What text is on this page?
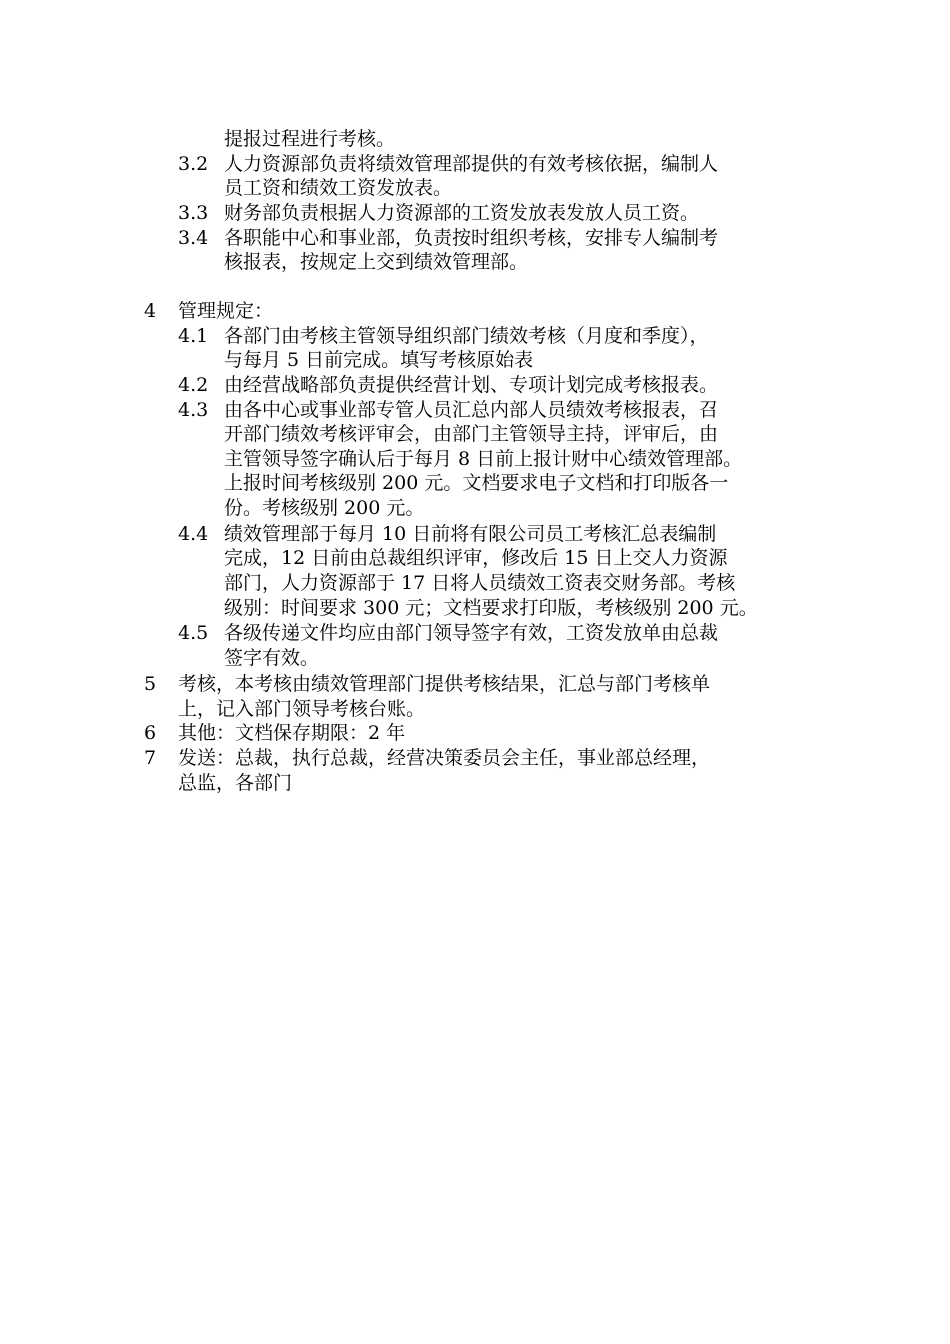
提报过程进行考核。
3.2 人力资源部负责将绩效管理部提供的有效考核依据，编制人
员工资和绩效工资发放表。
3.3 财务部负责根据人力资源部的工资发放表发放人员工资。
3.4 各职能中心和事业部，负责按时组织考核，安排专人编制考
核报表，按规定上交到绩效管理部。
4 管理规定：
4.1 各部门由考核主管领导组织部门绩效考核（月度和季度），
与每月 5 日前完成。填写考核原始表
4.2 由经营战略部负责提供经营计划、专项计划完成考核报表。
4.3 由各中心或事业部专管人员汇总内部人员绩效考核报表，召
开部门绩效考核评审会，由部门主管领导主持，评审后，由
主管领导签字确认后于每月 8 日前上报计财中心绩效管理部。
上报时间考核级别 200 元。文档要求电子文档和打印版各一
份。考核级别 200 元。
4.4 绩效管理部于每月 10 日前将有限公司员工考核汇总表编制
完成，12 日前由总裁组织评审，修改后 15 日上交人力资源
部门，人力资源部于 17 日将人员绩效工资表交财务部。考核
级别：时间要求 300 元；文档要求打印版，考核级别 200 元。
4.5 各级传递文件均应由部门领导签字有效，工资发放单由总裁
签字有效。
5 考核，本考核由绩效管理部门提供考核结果，汇总与部门考核单
上，记入部门领导考核台账。
6 其他：文档保存期限：2 年
7 发送：总裁，执行总裁，经营决策委员会主任，事业部总经理，
总监，各部门
